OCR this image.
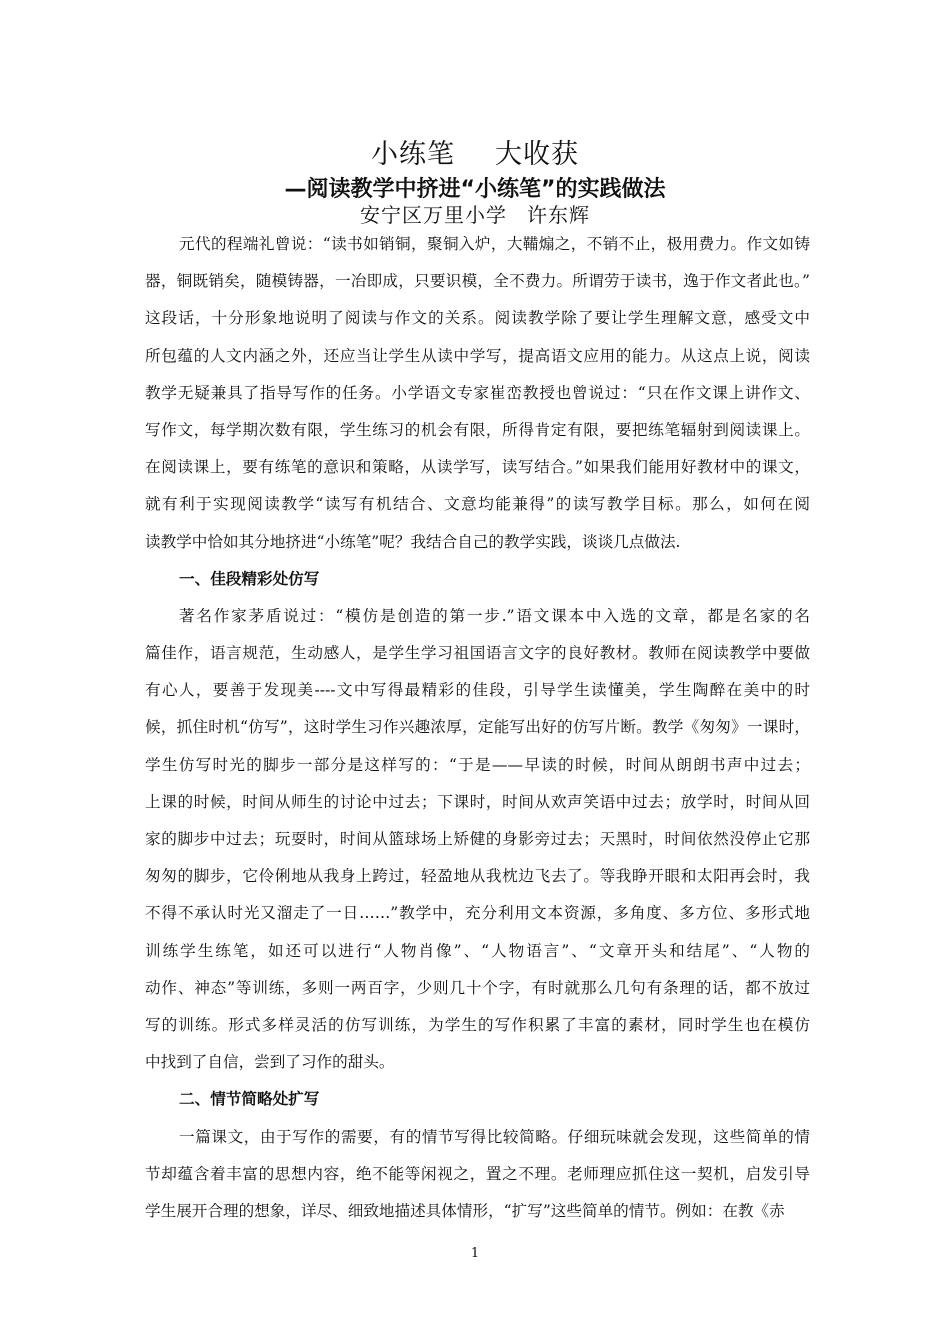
小练笔 大收获
—阅读教学中挤进“小练笔”的实践做法
安宁区万里小学 许东辉
元代的程端礼曾说：“读书如销铜，聚铜入炉，大鞴煽之，不销不止，极用费力。作文如铸
器，铜既销矣，随模铸器，一冶即成，只要识模，全不费力。所谓劳于读书，逸于作文者此也。”
这段话，十分形象地说明了阅读与作文的关系。阅读教学除了要让学生理解文意，感受文中
所包蕴的人文内涵之外，还应当让学生从读中学写，提高语文应用的能力。从这点上说，阅读
教学无疑兼具了指导写作的任务。小学语文专家崔峦教授也曾说过：“只在作文课上讲作文、
写作文，每学期次数有限，学生练习的机会有限，所得肯定有限，要把练笔辐射到阅读课上。
在阅读课上，要有练笔的意识和策略，从读学写，读写结合。”如果我们能用好教材中的课文，
就有利于实现阅读教学“读写有机结合、文意均能兼得”的读写教学目标。那么，如何在阅
读教学中恰如其分地挤进“小练笔”呢？我结合自己的教学实践，谈谈几点做法.
一、佳段精彩处仿写
著名作家茅盾说过：“模仿是创造的第一步.”语文课本中入选的文章，都是名家的名
篇佳作，语言规范，生动感人，是学生学习祖国语言文字的良好教材。教师在阅读教学中要做
有心人，要善于发现美----文中写得最精彩的佳段，引导学生读懂美，学生陶醉在美中的时
候，抓住时机“仿写”，这时学生习作兴趣浓厚，定能写出好的仿写片断。教学《匆匆》一课时，
学生仿写时光的脚步一部分是这样写的：“于是——早读的时候，时间从朗朗书声中过去；
上课的时候，时间从师生的讨论中过去；下课时，时间从欢声笑语中过去；放学时，时间从回
家的脚步中过去；玩耍时，时间从篮球场上矫健的身影旁过去；天黑时，时间依然没停止它那
匆匆的脚步，它伶俐地从我身上跨过，轻盈地从我枕边飞去了。等我睁开眼和太阳再会时，我
不得不承认时光又溜走了一日……”教学中，充分利用文本资源，多角度、多方位、多形式地
训练学生练笔，如还可以进行“人物肖像”、“人物语言”、“文章开头和结尾”、“人物的
动作、神态”等训练，多则一两百字，少则几十个字，有时就那么几句有条理的话，都不放过
写的训练。形式多样灵活的仿写训练，为学生的写作积累了丰富的素材，同时学生也在模仿
中找到了自信，尝到了习作的甜头。
二、情节简略处扩写
一篇课文，由于写作的需要，有的情节写得比较简略。仔细玩味就会发现，这些简单的情
节却蕴含着丰富的思想内容，绝不能等闲视之，置之不理。老师理应抓住这一契机，启发引导
学生展开合理的想象，详尽、细致地描述具体情形，“扩写”这些简单的情节。例如：在教《赤
1
